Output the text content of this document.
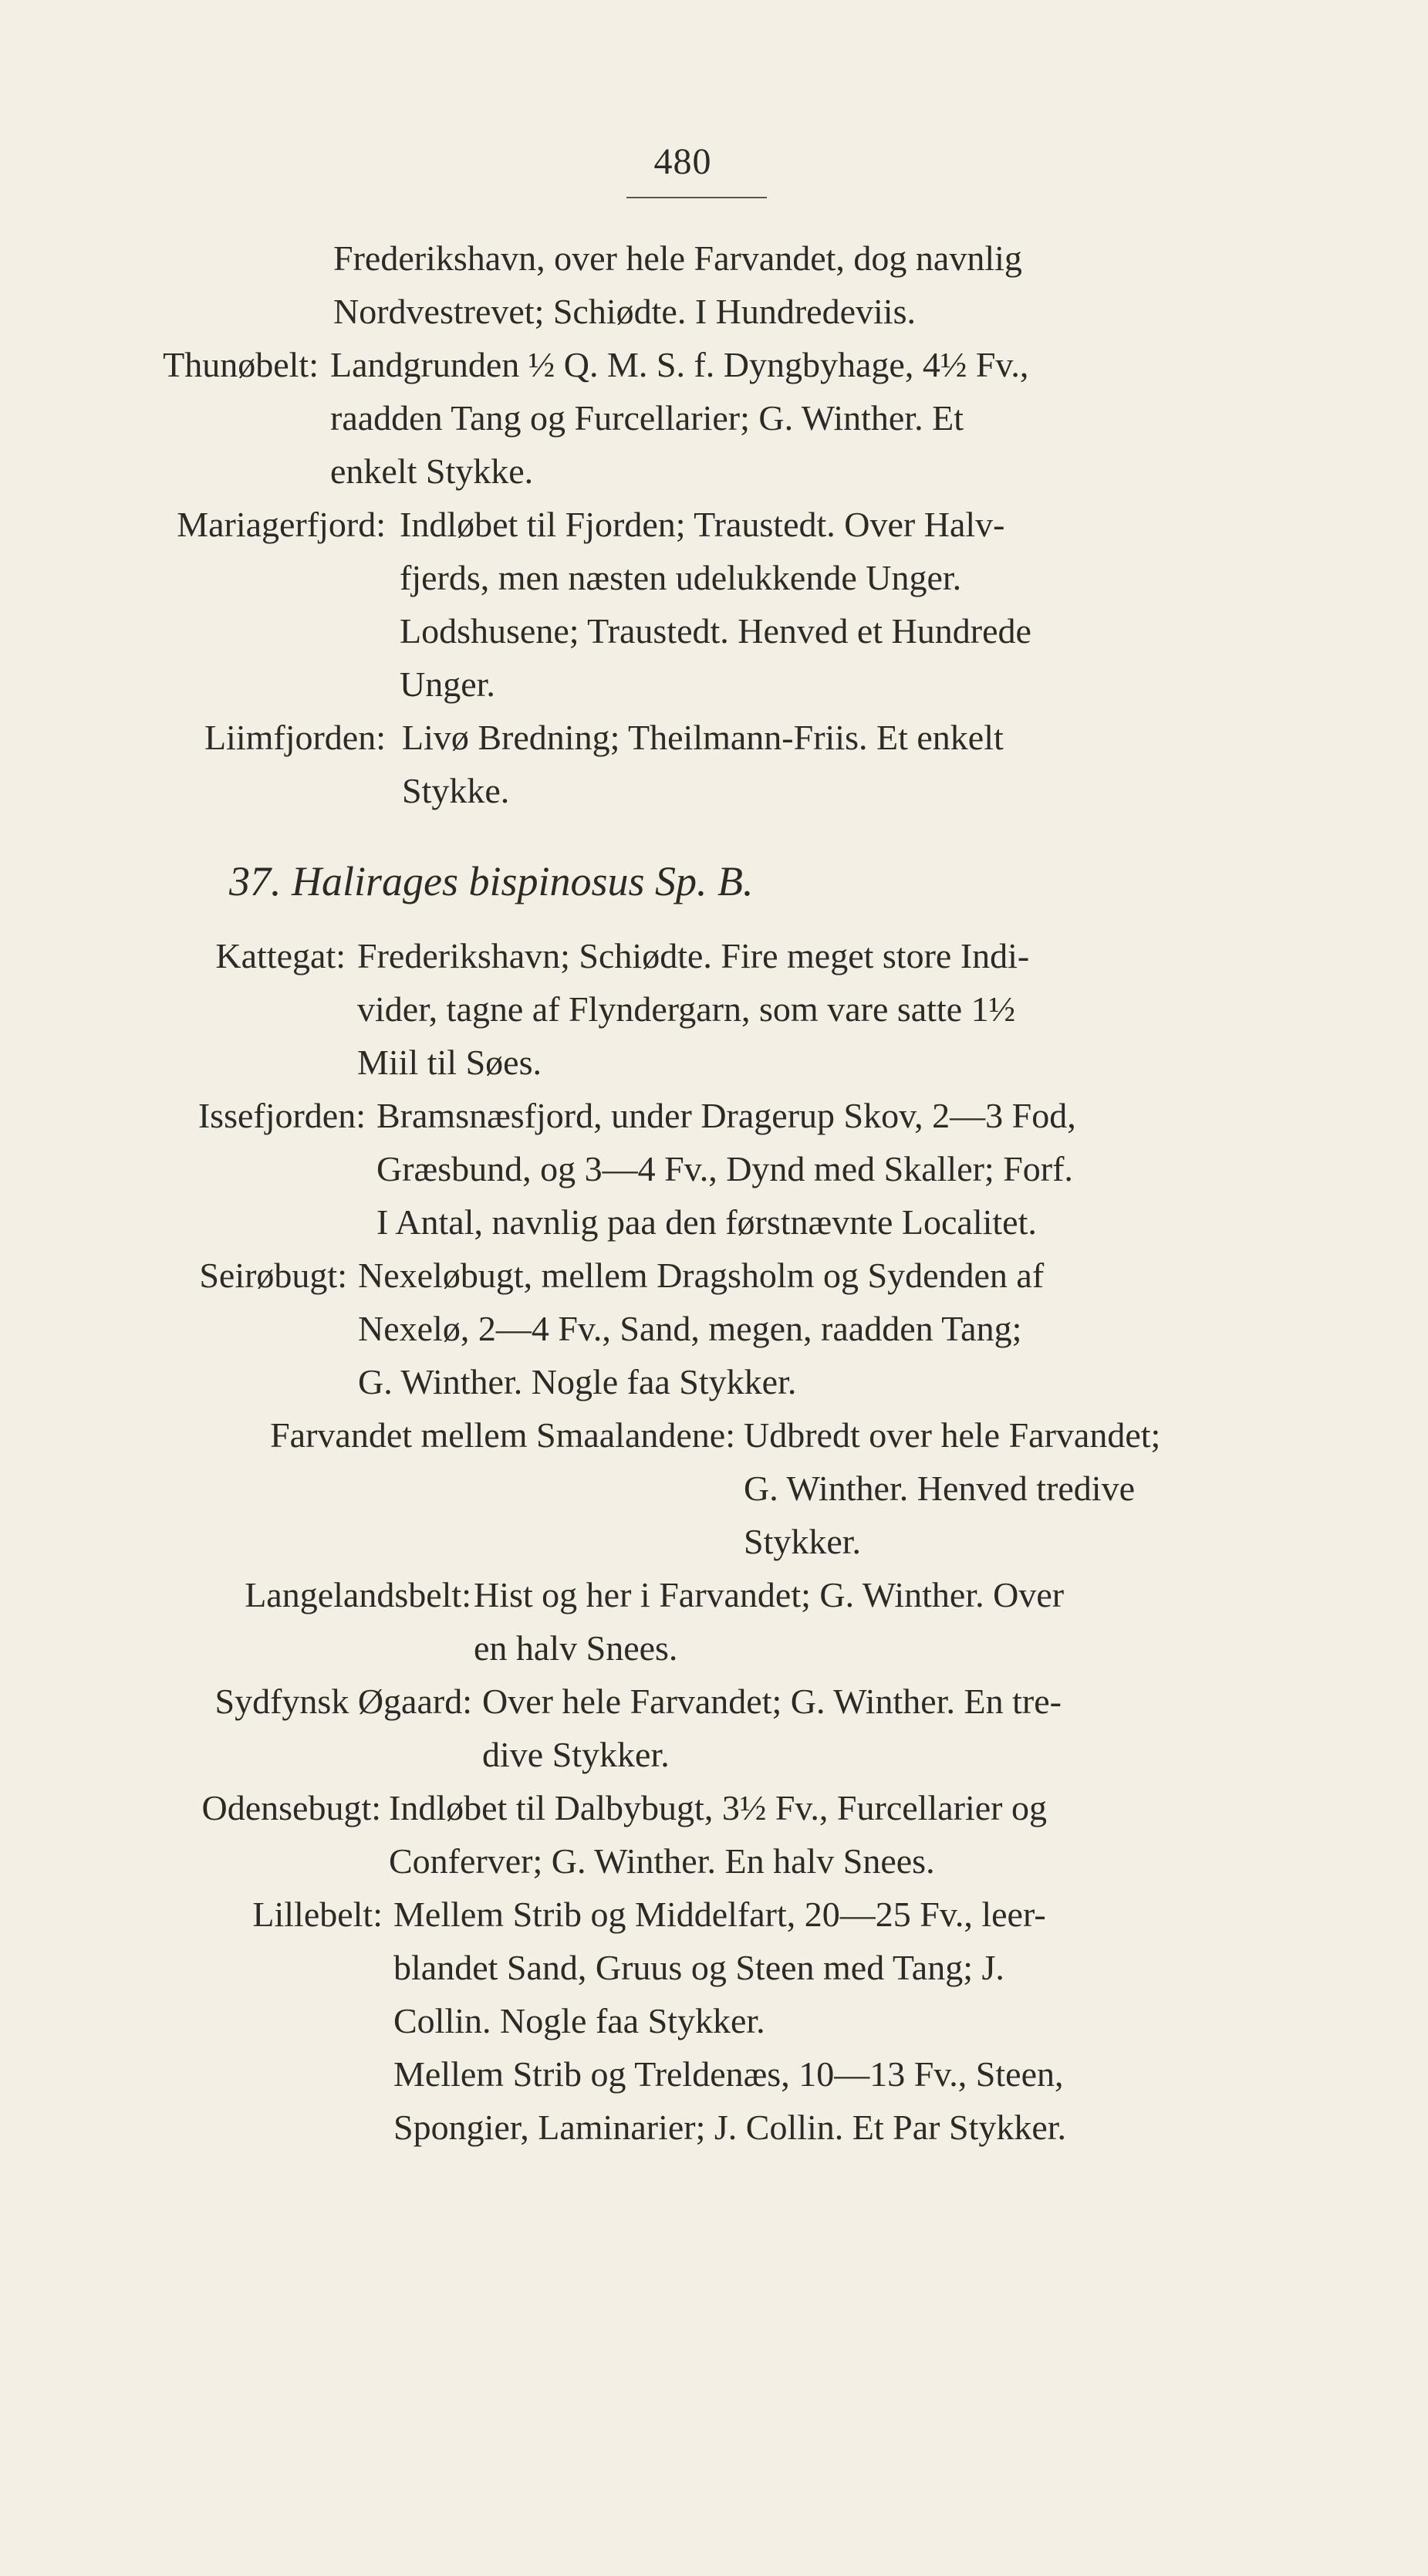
480
Frederikshavn, over hele Farvandet, dog navnlig
Nordvestrevet; Schiødte. I Hundredeviis.
Thunøbelt: Landgrunden ½ Q. M. S. f. Dyngbyhage, 4½ Fv.,
raadden Tang og Furcellarier; G. Winther. Et
enkelt Stykke.
Mariagerfjord: Indløbet til Fjorden; Traustedt. Over Halv-
fjerds, men næsten udelukkende Unger.
Lodshusene; Traustedt. Henved et Hundrede
Unger.
Liimfjorden: Livø Bredning; Theilmann-Friis. Et enkelt
Stykke.
37. Halirages bispinosus Sp. B.
Kattegat: Frederikshavn; Schiødte. Fire meget store Indi-
vider, tagne af Flyndergarn, som vare satte 1½
Miil til Søes.
Issefjorden: Bramsnæsfjord, under Dragerup Skov, 2—3 Fod,
Græsbund, og 3—4 Fv., Dynd med Skaller; Forf.
I Antal, navnlig paa den førstnævnte Localitet.
Seirøbugt: Nexeløbugt, mellem Dragsholm og Sydenden af
Nexelø, 2—4 Fv., Sand, megen, raadden Tang;
G. Winther. Nogle faa Stykker.
Farvandet mellem Smaalandene: Udbredt over hele Farvandet;
G. Winther. Henved tredive
Stykker.
Langelandsbelt: Hist og her i Farvandet; G. Winther. Over
en halv Snees.
Sydfynsk Øgaard: Over hele Farvandet; G. Winther. En tre-
dive Stykker.
Odensebugt: Indløbet til Dalbybugt, 3½ Fv., Furcellarier og
Conferver; G. Winther. En halv Snees.
Lillebelt: Mellem Strib og Middelfart, 20—25 Fv., leer-
blandet Sand, Gruus og Steen med Tang; J.
Collin. Nogle faa Stykker.
Mellem Strib og Treldenæs, 10—13 Fv., Steen,
Spongier, Laminarier; J. Collin. Et Par Stykker.
